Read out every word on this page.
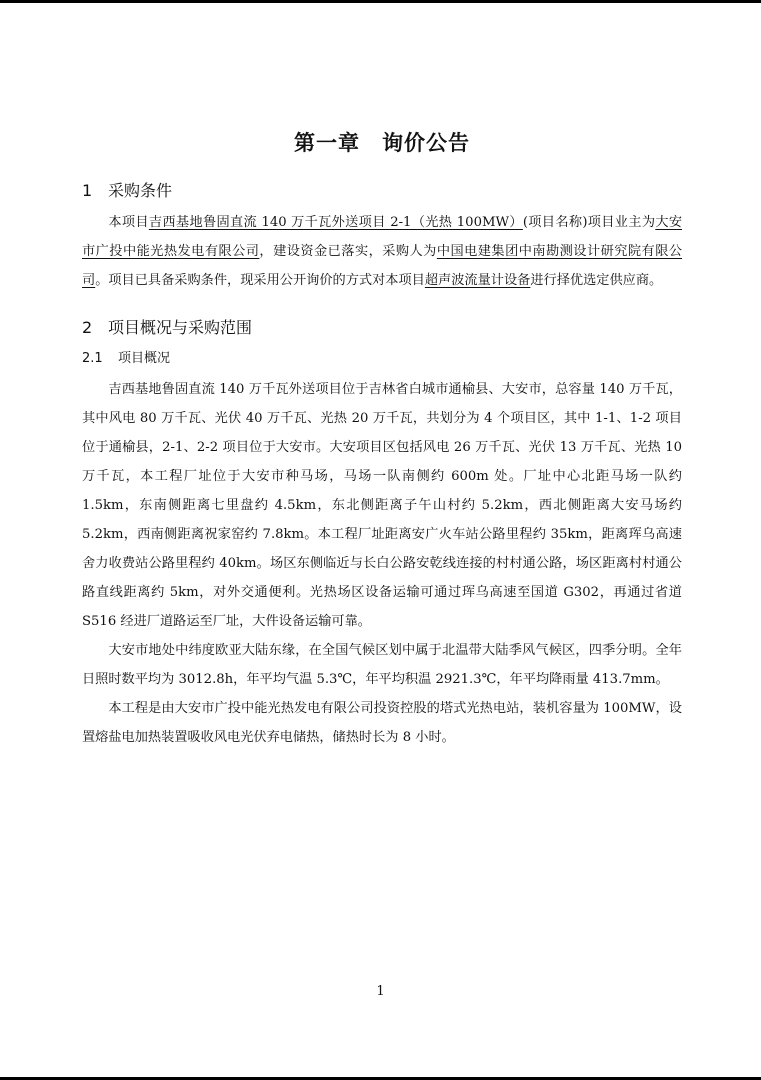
第一章　询价公告
1 采购条件

本项目吉西基地鲁固直流 140 万千瓦外送项目 2-1（光热 100MW）(项目名称)项目业主为大安市广投中能光热发电有限公司，建设资金已落实，采购人为中国电建集团中南勘测设计研究院有限公司。项目已具备采购条件，现采用公开询价的方式对本项目超声波流量计设备进行择优选定供应商。

2 项目概况与采购范围
2.1 项目概况

吉西基地鲁固直流 140 万千瓦外送项目位于吉林省白城市通榆县、大安市，总容量 140 万千瓦，其中风电 80 万千瓦、光伏 40 万千瓦、光热 20 万千瓦，共划分为 4 个项目区，其中 1-1、1-2 项目位于通榆县，2-1、2-2 项目位于大安市。大安项目区包括风电 26 万千瓦、光伏 13 万千瓦、光热 10 万千瓦，本工程厂址位于大安市种马场，马场一队南侧约 600m 处。厂址中心北距马场一队约 1.5km，东南侧距离七里盘约 4.5km，东北侧距离子午山村约 5.2km，西北侧距离大安马场约 5.2km，西南侧距离祝家窑约 7.8km。本工程厂址距离安广火车站公路里程约 35km，距离珲乌高速舍力收费站公路里程约 40km。场区东侧临近与长白公路安乾线连接的村村通公路，场区距离村村通公路直线距离约 5km，对外交通便利。光热场区设备运输可通过珲乌高速至国道 G302，再通过省道 S516 经进厂道路运至厂址，大件设备运输可靠。

大安市地处中纬度欧亚大陆东缘，在全国气候区划中属于北温带大陆季风气候区，四季分明。全年日照时数平均为 3012.8h，年平均气温 5.3℃，年平均积温 2921.3℃，年平均降雨量 413.7mm。

本工程是由大安市广投中能光热发电有限公司投资控股的塔式光热电站，装机容量为 100MW，设置熔盐电加热装置吸收风电光伏弃电储热，储热时长为 8 小时。

1
